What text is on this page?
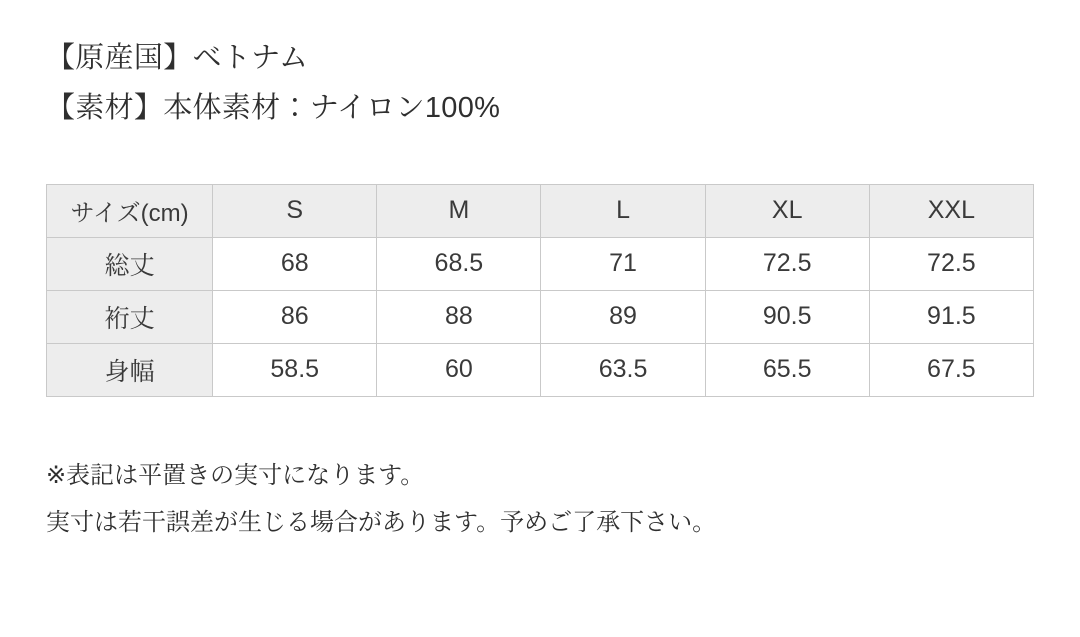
【原産国】ベトナム
【素材】本体素材：ナイロン100%
サイズ(cm)	S	M	L	XL	XXL
総丈	68	68.5	71	72.5	72.5
裄丈	86	88	89	90.5	91.5
身幅	58.5	60	63.5	65.5	67.5
※表記は平置きの実寸になります。
実寸は若干誤差が生じる場合があります。予めご了承下さい。
